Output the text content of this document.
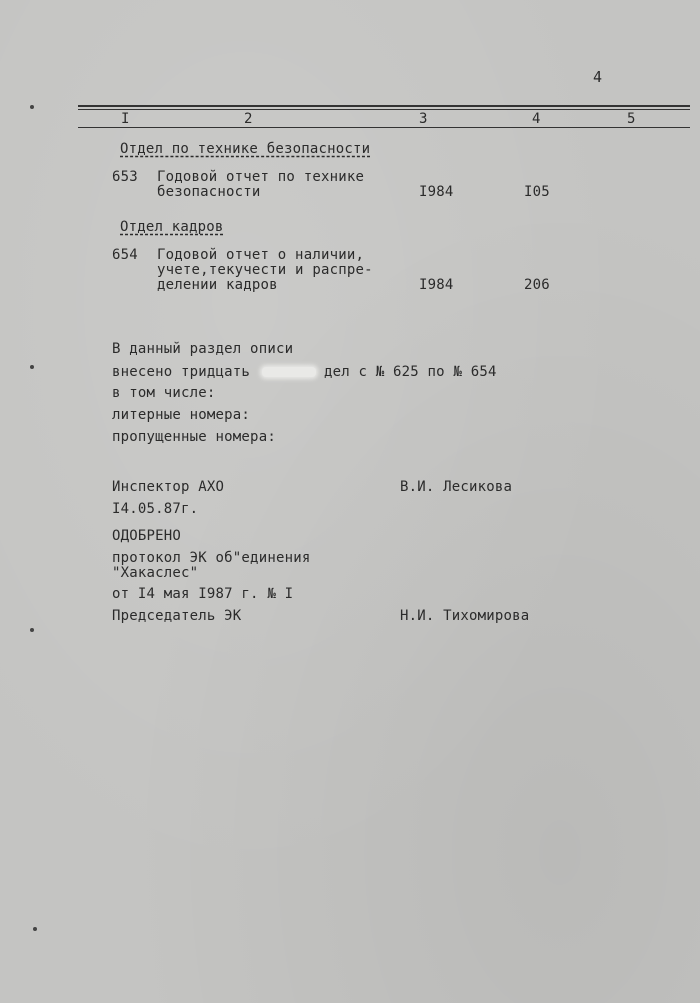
4
I	2	3	4	5
Отдел по технике безопасности
653 Годовой отчет по технике
безопасности	I984	I05
Отдел кадров
654 Годовой отчет о наличии,
учете,текучести и распре-
делении кадров	I984	206
В данный раздел описи
внесено тридцать	дел с № 625 по № 654
в том числе:
литерные номера:
пропущенные номера:
Инспектор АХО	В.И. Лесикова
I4.05.87г.
ОДОБРЕНО
протокол ЭК об"единения
"Хакаслес"
от I4 мая I987 г. № I
Председатель ЭК	Н.И. Тихомирова
